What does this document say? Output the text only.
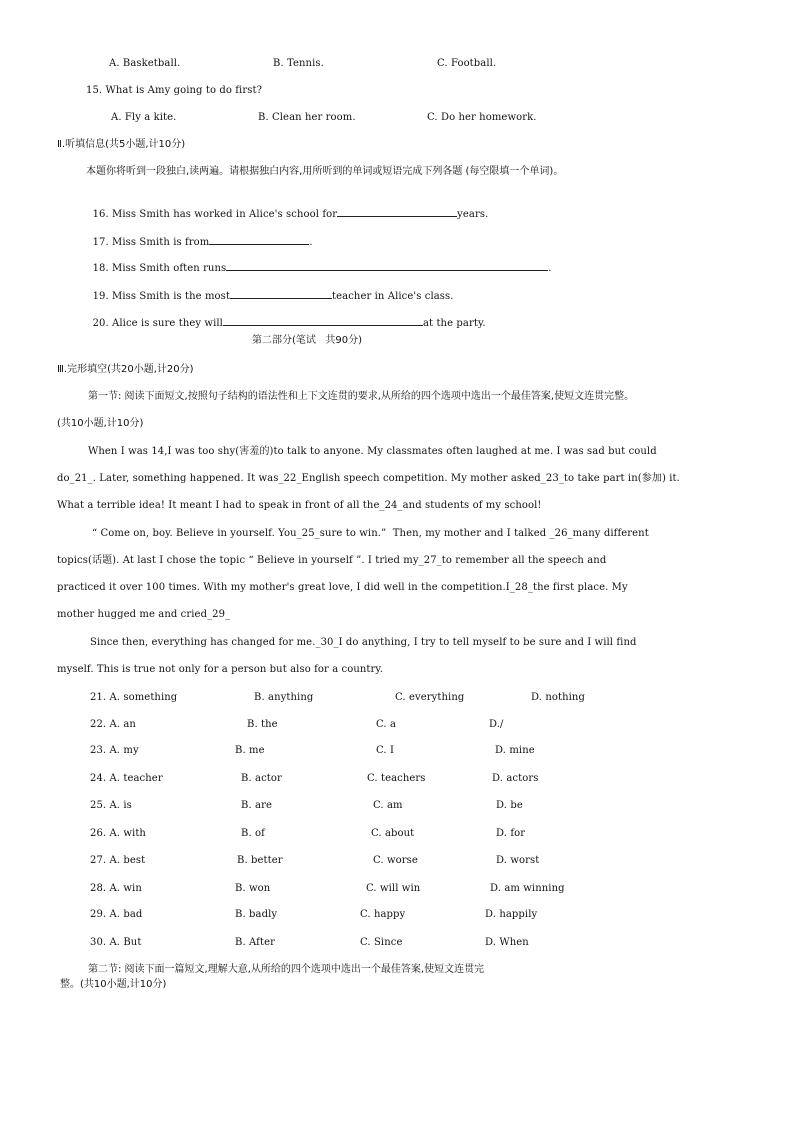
A. Basketball.	B. Tennis.	C. Football.
15. What is Amy going to do first?
A. Fly a kite.	B. Clean her room.	C. Do her homework.
Ⅱ.听填信息(共5小题,计10分)
本题你将听到一段独白,读两遍。请根据独白内容,用所听到的单词或短语完成下列各题 (每空限填一个单词)。

16. Miss Smith has worked in Alice's school for	years.

17. Miss Smith is from	.

18. Miss Smith often runs	.

19. Miss Smith is the most	teacher in Alice's class.

20. Alice is sure they will	at the party.

第二部分(笔试   共90分)
Ⅲ.完形填空(共20小题,计20分)
第一节: 阅读下面短文,按照句子结构的语法性和上下文连贯的要求,从所给的四个选项中选出一个最佳答案,使短文连贯完整。
(共10小题,计10分)
When I was 14,I was too shy(害羞的)to talk to anyone. My classmates often laughed at me. I was sad but could
do_21_. Later, something happened. It was_22_English speech competition. My mother asked_23_to take part in(参加) it.
What a terrible idea! It meant I had to speak in front of all the_24_and students of my school!
“ Come on, boy. Believe in yourself. You_25_sure to win.”  Then, my mother and I talked _26_many different
topics(话题). At last I chose the topic “ Believe in yourself ”. I tried my_27_to remember all the speech and
practiced it over 100 times. With my mother's great love, I did well in the competition.I_28_the first place. My
mother hugged me and cried_29_
Since then, everything has changed for me._30_I do anything, I try to tell myself to be sure and I will find
myself. This is true not only for a person but also for a country.
21. A. something	B. anything	C. everything	D. nothing
22. A. an	B. the	C. a	D./
23. A. my	B. me	C. I	D. mine
24. A. teacher	B. actor	C. teachers	D. actors
25. A. is	B. are	C. am	D. be
26. A. with	B. of	C. about	D. for
27. A. best	B. better	C. worse	D. worst
28. A. win	B. won	C. will win	D. am winning
29. A. bad	B. badly	C. happy	D. happily
30. A. But	B. After	C. Since	D. When
第二节: 阅读下面一篇短文,理解大意,从所给的四个选项中选出一个最佳答案,使短文连贯完
整。(共10小题,计10分)
